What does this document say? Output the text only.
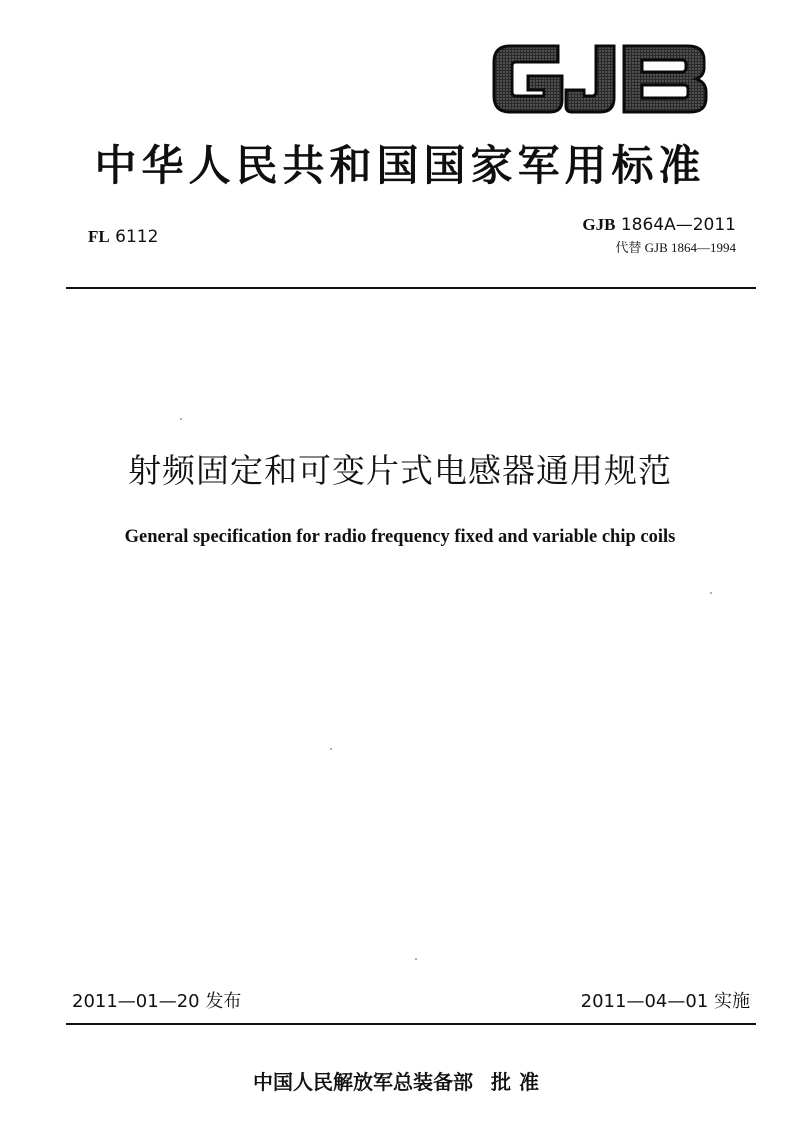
中华人民共和国国家军用标准
FL 6112
GJB 1864A—2011
代替 GJB 1864—1994
射频固定和可变片式电感器通用规范
General specification for radio frequency fixed and variable chip coils
2011—01—20 发布	2011—04—01 实施
中国人民解放军总装备部 批准
